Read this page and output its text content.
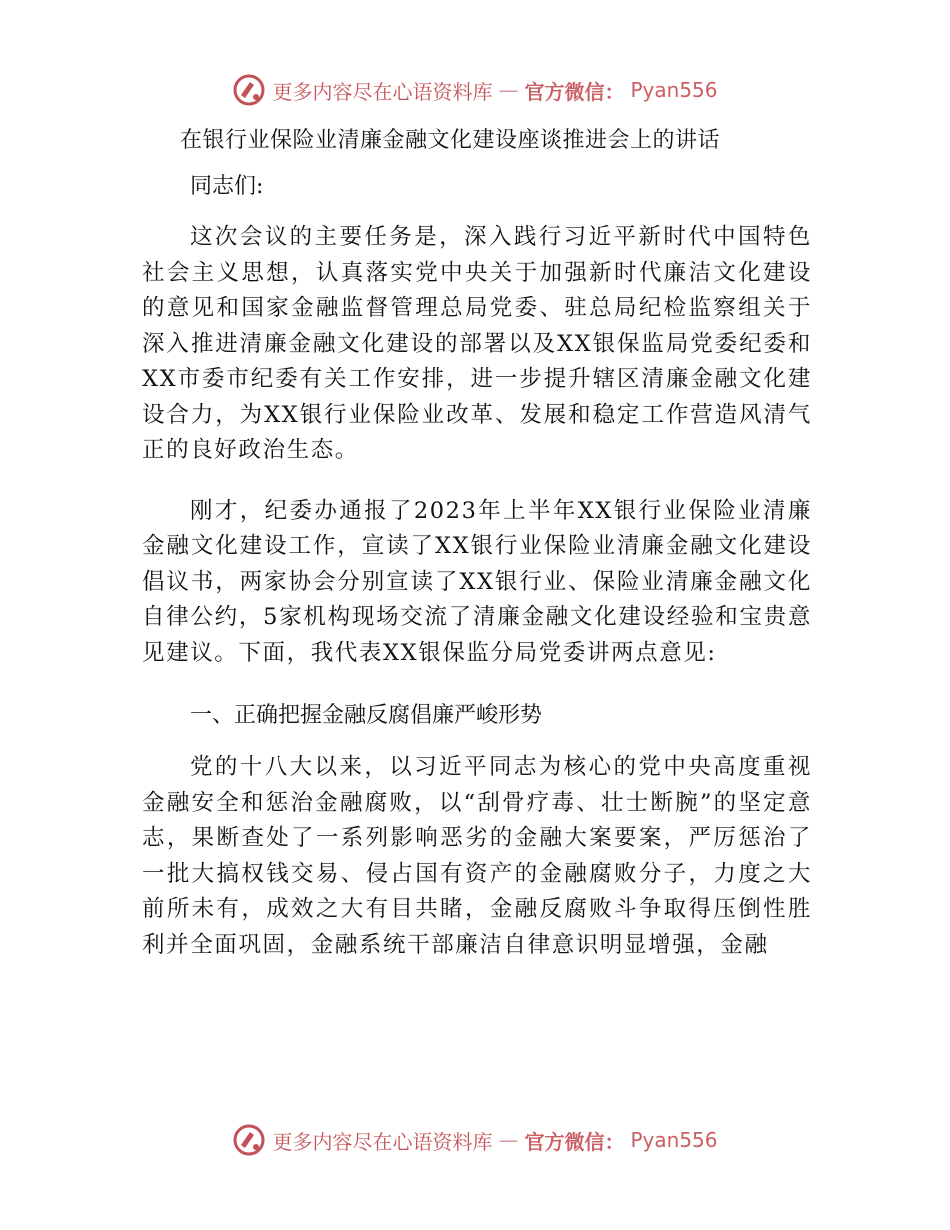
更多内容尽在心语资料库 — 官方微信： Pyan556

在银行业保险业清廉金融文化建设座谈推进会上的讲话

同志们:

这次会议的主要任务是，深入践行习近平新时代中国特色社会主义思想，认真落实党中央关于加强新时代廉洁文化建设的意见和国家金融监督管理总局党委、驻总局纪检监察组关于深入推进清廉金融文化建设的部署以及XX银保监局党委纪委和XX市委市纪委有关工作安排，进一步提升辖区清廉金融文化建设合力，为XX银行业保险业改革、发展和稳定工作营造风清气正的良好政治生态。

刚才，纪委办通报了2023年上半年XX银行业保险业清廉金融文化建设工作，宣读了XX银行业保险业清廉金融文化建设倡议书，两家协会分别宣读了XX银行业、保险业清廉金融文化自律公约，5家机构现场交流了清廉金融文化建设经验和宝贵意见建议。下面，我代表XX银保监分局党委讲两点意见:

一、正确把握金融反腐倡廉严峻形势

党的十八大以来，以习近平同志为核心的党中央高度重视金融安全和惩治金融腐败，以“刮骨疗毒、壮士断腕”的坚定意志，果断查处了一系列影响恶劣的金融大案要案，严厉惩治了一批大搞权钱交易、侵占国有资产的金融腐败分子，力度之大前所未有，成效之大有目共睹，金融反腐败斗争取得压倒性胜利并全面巩固，金融系统干部廉洁自律意识明显增强，金融

更多内容尽在心语资料库 — 官方微信： Pyan556
